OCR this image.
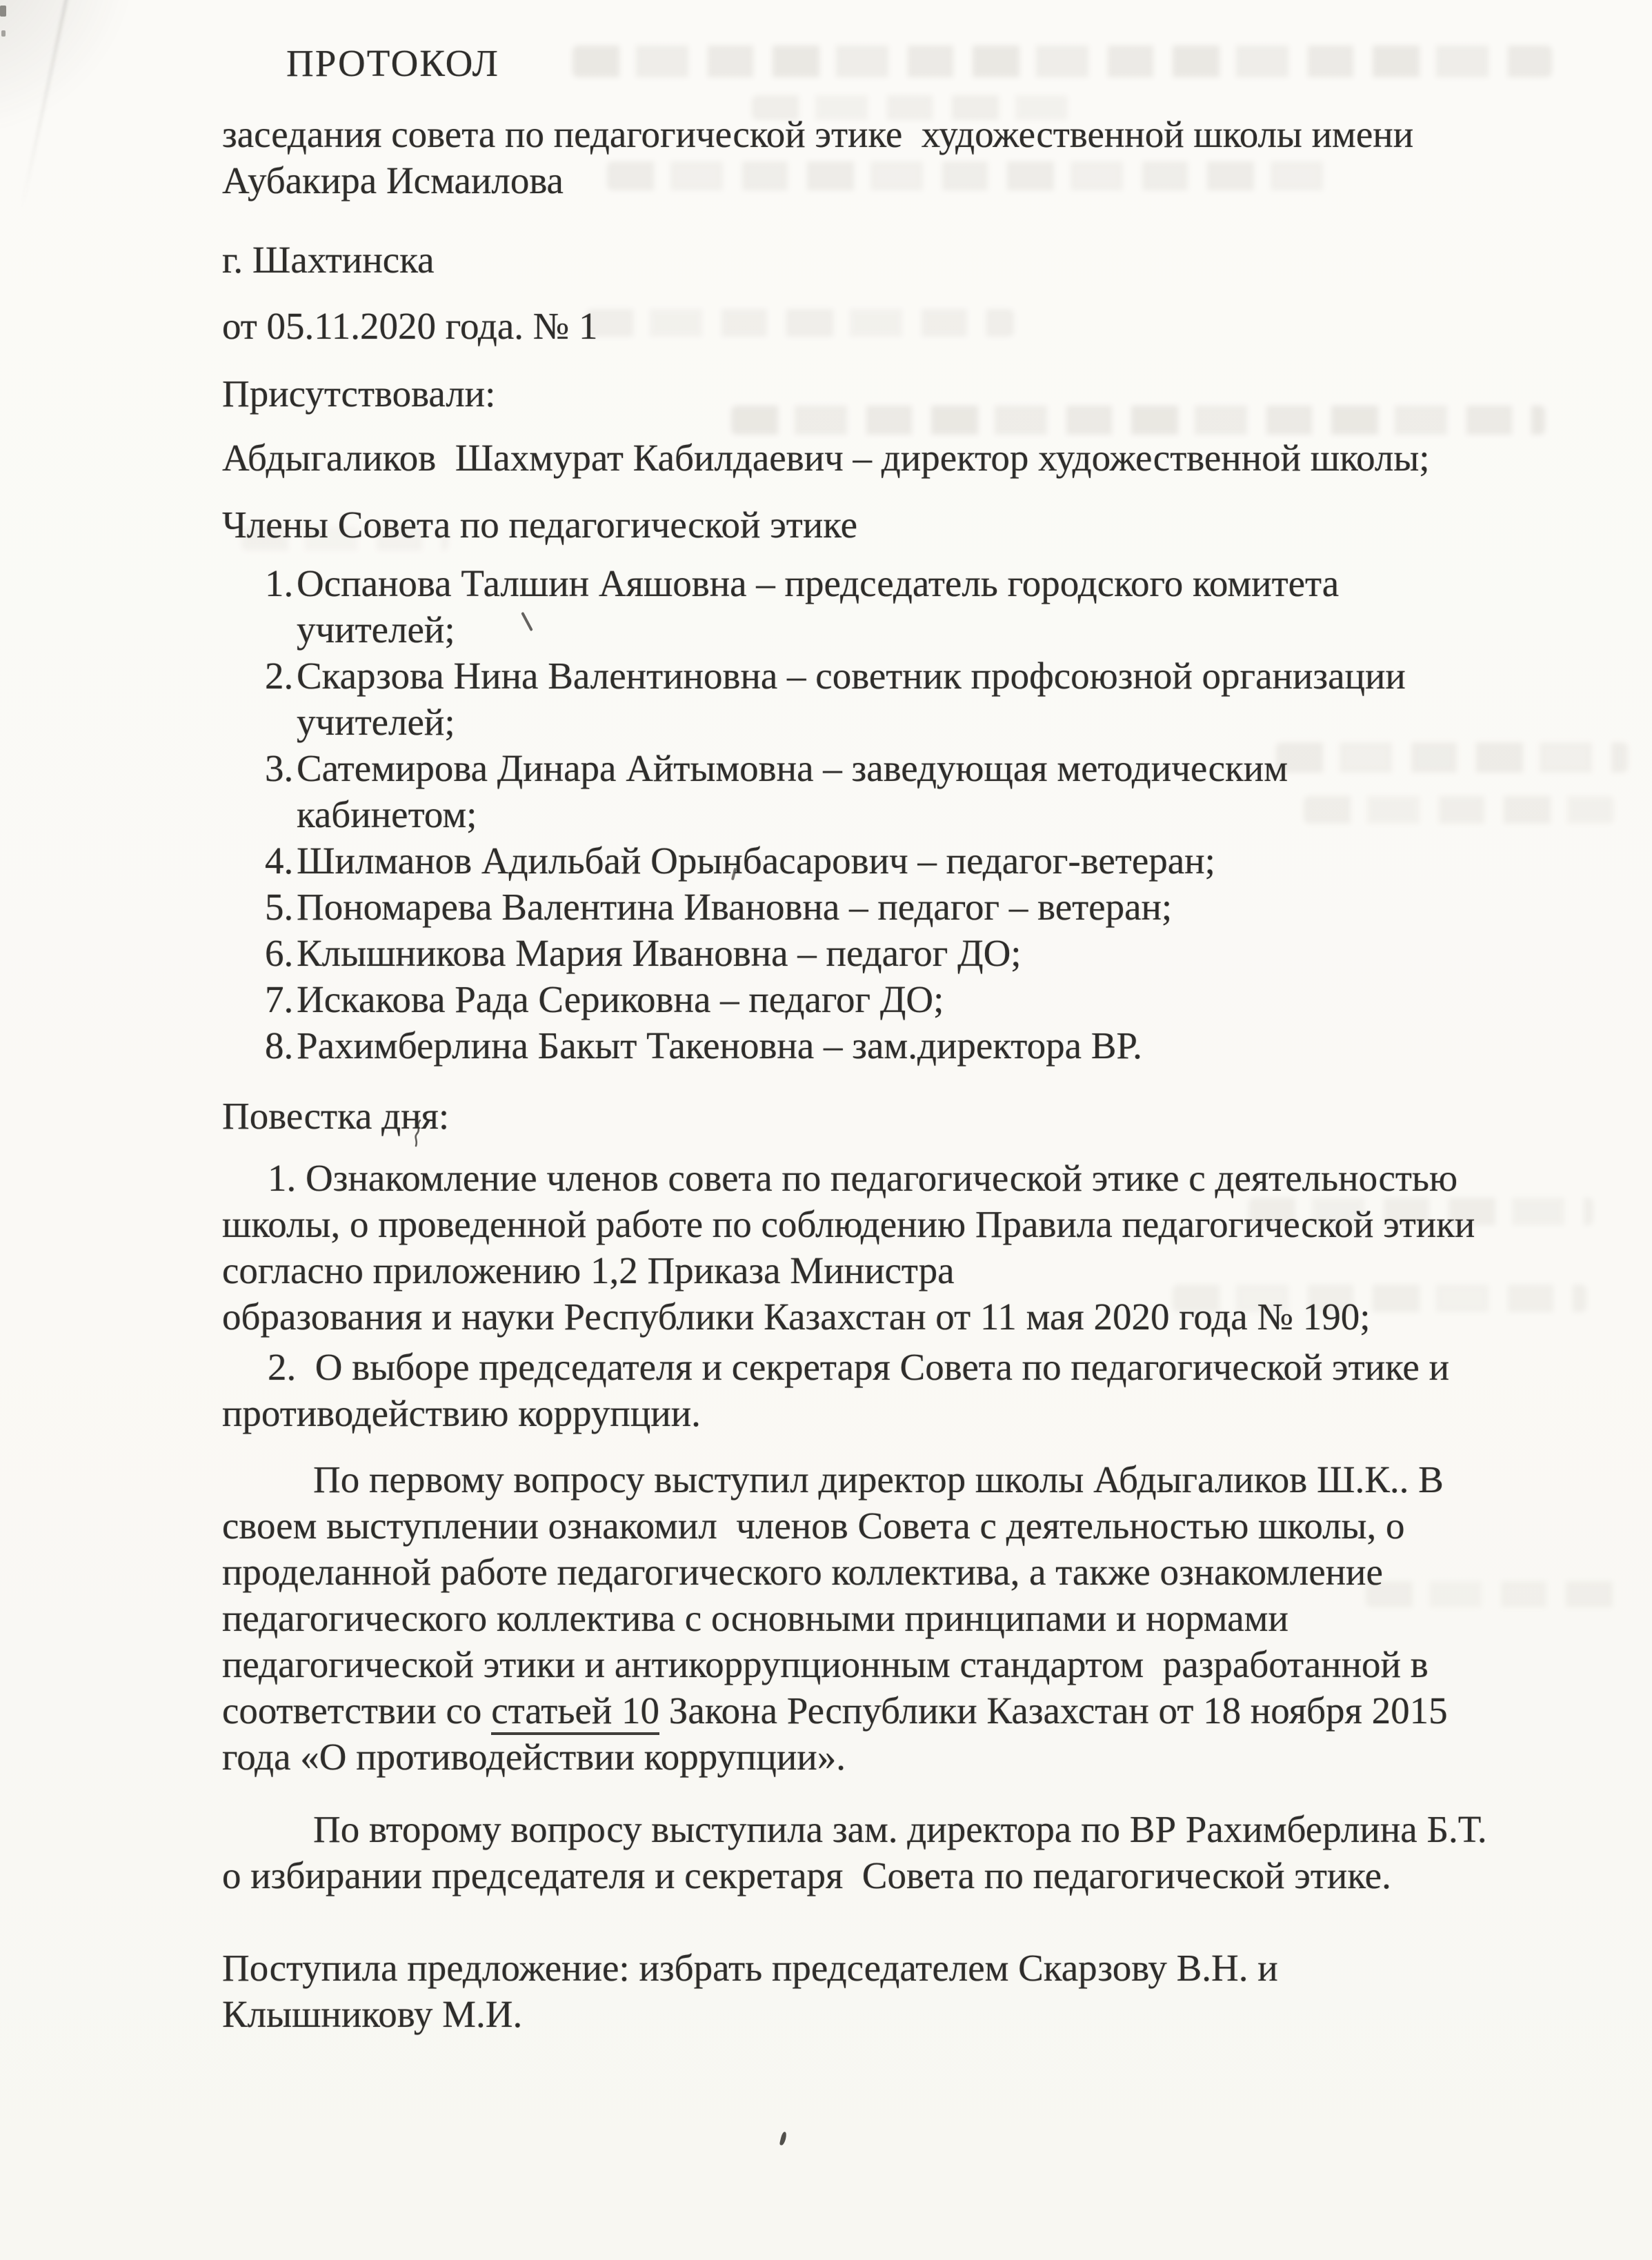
ПРОТОКОЛ
заседания совета по педагогической этике  художественной школы имени
Аубакира Исмаилова
г. Шахтинска
от 05.11.2020 года. № 1
Присутствовали:
Абдыгаликов  Шахмурат Кабилдаевич – директор художественной школы;
Члены Совета по педагогической этике
1. Оспанова Талшин Аяшовна – председатель городского комитета
учителей;
2. Скарзова Нина Валентиновна – советник профсоюзной организации
учителей;
3. Сатемирова Динара Айтымовна – заведующая методическим
кабинетом;
4. Шилманов Адильбай Орынбасарович – педагог-ветеран;
5. Пономарева Валентина Ивановна – педагог – ветеран;
6. Клышникова Мария Ивановна – педагог ДО;
7. Искакова Рада Сериковна – педагог ДО;
8. Рахимберлина Бакыт Такеновна – зам.директора ВР.
Повестка дня:
1. Ознакомление членов совета по педагогической этике с деятельностью
школы, о проведенной работе по соблюдению Правила педагогической этики
согласно приложению 1,2 Приказа Министра
образования и науки Республики Казахстан от 11 мая 2020 года № 190;
2.  О выборе председателя и секретаря Совета по педагогической этике и
противодействию коррупции.
По первому вопросу выступил директор школы Абдыгаликов Ш.К.. В
своем выступлении ознакомил  членов Совета с деятельностью школы, о
проделанной работе педагогического коллектива, а также ознакомление
педагогического коллектива с основными принципами и нормами
педагогической этики и антикоррупционным стандартом  разработанной в
соответствии со статьей 10 Закона Республики Казахстан от 18 ноября 2015
года «О противодействии коррупции».
По второму вопросу выступила зам. директора по ВР Рахимберлина Б.Т.
о избирании председателя и секретаря  Совета по педагогической этике.
Поступила предложение: избрать председателем Скарзову В.Н. и
Клышникову М.И.
